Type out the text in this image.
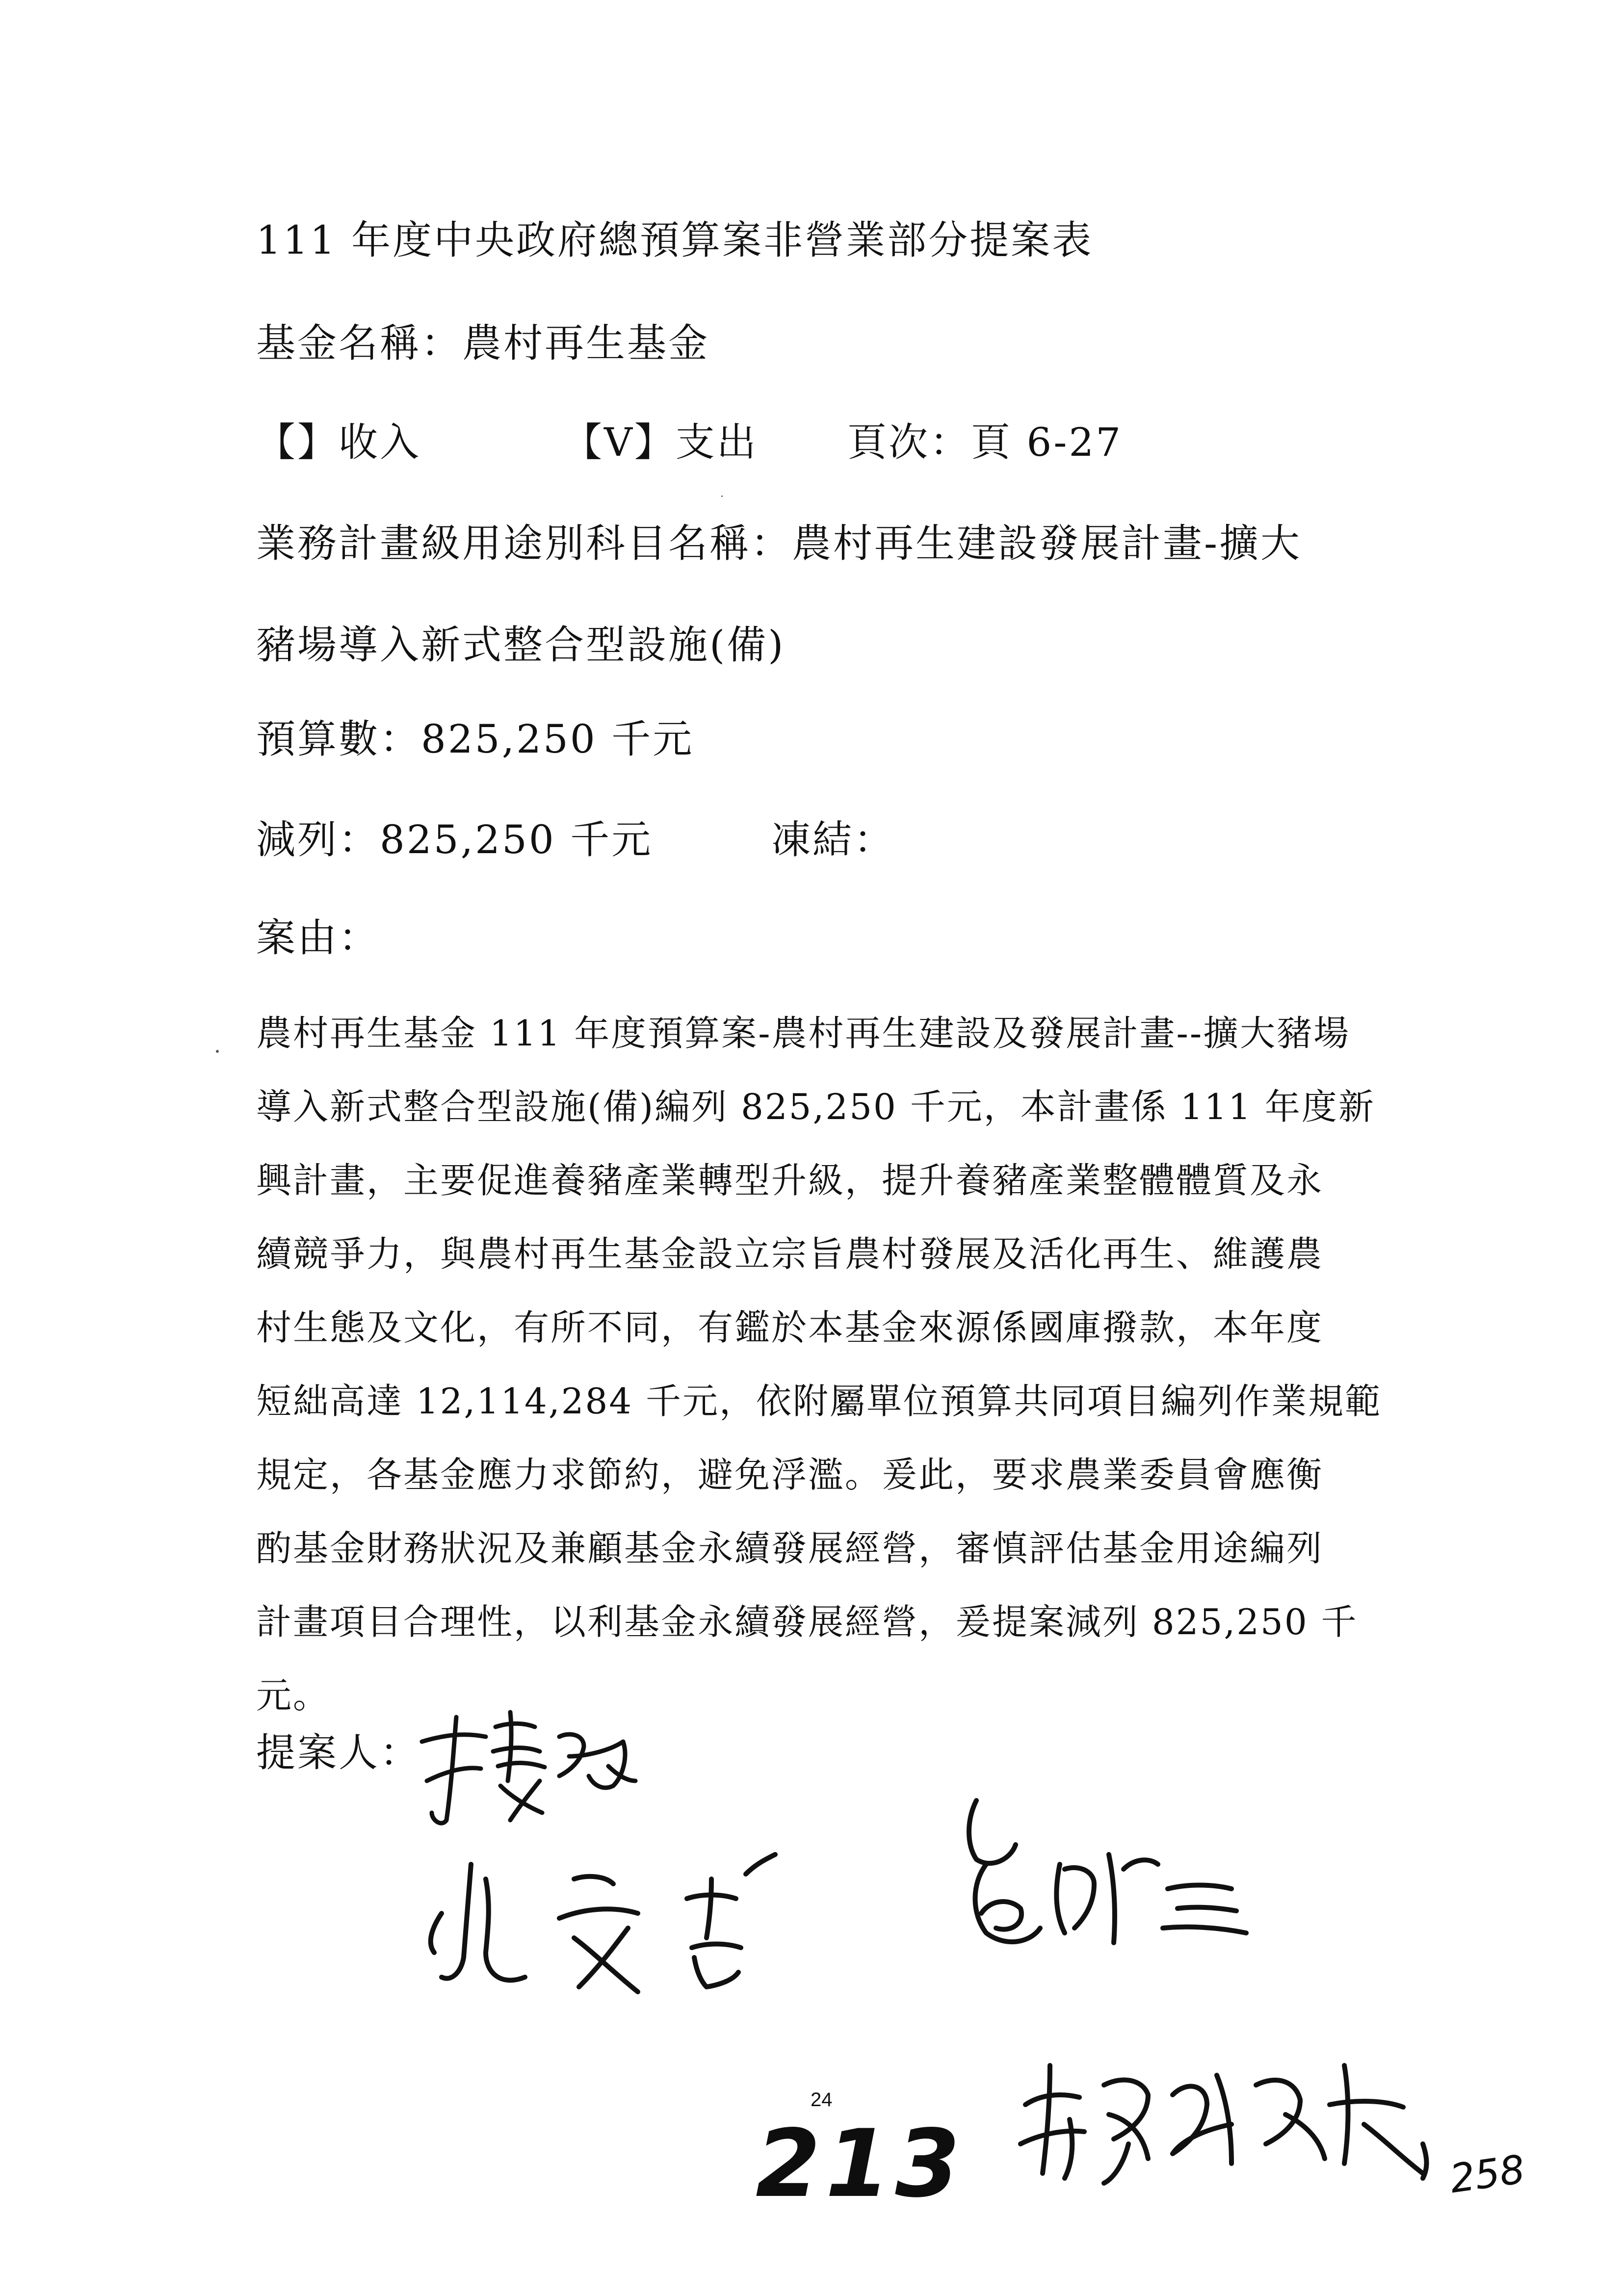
111 年度中央政府總預算案非營業部分提案表
基金名稱：農村再生基金
【】收入	【V】支出 頁次：頁 6-27
業務計畫級用途別科目名稱：農村再生建設發展計畫-擴大
豬場導入新式整合型設施(備)
預算數：825,250 千元
減列：825,250 千元	凍結：
案由：
農村再生基金 111 年度預算案-農村再生建設及發展計畫--擴大豬場
導入新式整合型設施(備)編列 825,250 千元，本計畫係 111 年度新
興計畫，主要促進養豬產業轉型升級，提升養豬產業整體體質及永
續競爭力，與農村再生基金設立宗旨農村發展及活化再生、維護農
村生態及文化，有所不同，有鑑於本基金來源係國庫撥款，本年度
短絀高達 12,114,284 千元，依附屬單位預算共同項目編列作業規範
規定，各基金應力求節約，避免浮濫。爰此，要求農業委員會應衡
酌基金財務狀況及兼顧基金永續發展經營，審慎評估基金用途編列
計畫項目合理性，以利基金永續發展經營，爰提案減列 825,250 千
元。
提案人：
24
213	258
